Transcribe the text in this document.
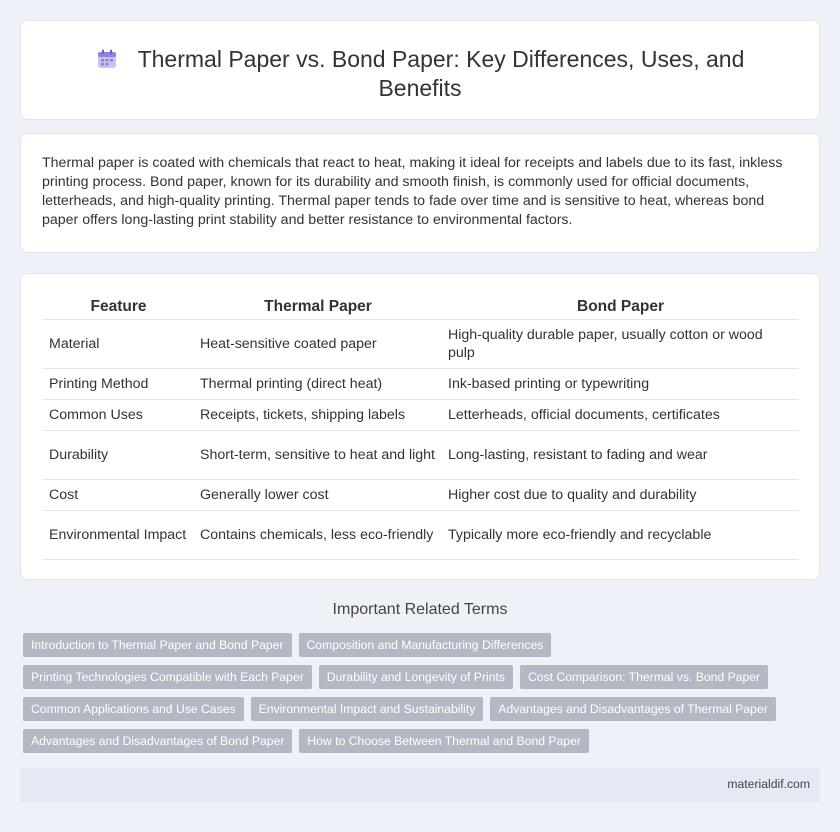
Thermal Paper vs. Bond Paper: Key Differences, Uses, and Benefits

Thermal paper is coated with chemicals that react to heat, making it ideal for receipts and labels due to its fast, inkless printing process. Bond paper, known for its durability and smooth finish, is commonly used for official documents, letterheads, and high-quality printing. Thermal paper tends to fade over time and is sensitive to heat, whereas bond paper offers long-lasting print stability and better resistance to environmental factors.

Feature	Thermal Paper	Bond Paper
Material	Heat-sensitive coated paper	High-quality durable paper, usually cotton or wood pulp
Printing Method	Thermal printing (direct heat)	Ink-based printing or typewriting
Common Uses	Receipts, tickets, shipping labels	Letterheads, official documents, certificates
Durability	Short-term, sensitive to heat and light	Long-lasting, resistant to fading and wear
Cost	Generally lower cost	Higher cost due to quality and durability
Environmental Impact	Contains chemicals, less eco-friendly	Typically more eco-friendly and recyclable
Important Related Terms
Introduction to Thermal Paper and Bond Paper	Composition and Manufacturing Differences
Printing Technologies Compatible with Each Paper	Durability and Longevity of Prints	Cost Comparison: Thermal vs. Bond Paper
Common Applications and Use Cases	Environmental Impact and Sustainability	Advantages and Disadvantages of Thermal Paper
Advantages and Disadvantages of Bond Paper	How to Choose Between Thermal and Bond Paper
materialdif.com
